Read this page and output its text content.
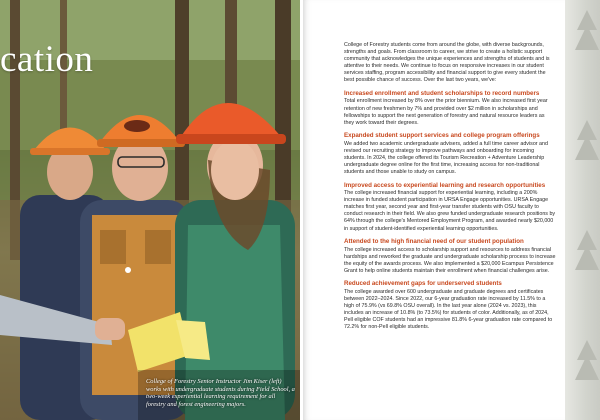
cation
College of Forestry Senior Instructor Jim Kiser (left) works with undergraduate students during Field School, a two-week experiential learning requirement for all forestry and forest engineering majors.

College of Forestry students come from around the globe, with diverse backgrounds, strengths and goals. From classroom to career, we strive to create a holistic support community that acknowledges the unique experiences and strengths of students and is attentive to their needs. We continue to focus on responsive increases in our student services staffing, program accessibility and financial support to give every student the best possible chance of success. Over the last two years, we've:

Increased enrollment and student scholarships to record numbers

Total enrollment increased by 8% over the prior biennium. We also increased first year retention of new freshmen by 7% and provided over $2 million in scholarships and fellowships to support the next generation of forestry and natural resource leaders as they work toward their degrees.

Expanded student support services and college program offerings

We added two academic undergraduate advisers, added a full time career advisor and revised our recruiting strategy to improve pathways and onboarding for incoming students. In 2024, the college offered its Tourism Recreation + Adventure Leadership undergraduate degree online for the first time, increasing access for non-traditional students and those unable to study on campus.

Improved access to experiential learning and research opportunities

The college increased financial support for experiential learning, including a 200% increase in funded student participation in URSA Engage opportunities. URSA Engage matches first year, second year and first-year transfer students with OSU faculty to conduct research in their field. We also grew funded undergraduate research positions by 64% through the college's Mentored Employment Program, and awarded nearly $20,000 in support of student-identified experiential learning opportunities.

Attended to the high financial need of our student population

The college increased access to scholarship support and resources to address financial hardships and reworked the graduate and undergraduate scholarship process to increase the equity of the awards process. We also implemented a $20,000 Ecampus Persistence Grant to help online students maintain their enrollment when financial challenges arise.

Reduced achievement gaps for underserved students

The college awarded over 600 undergraduate and graduate degrees and certificates between 2022–2024. Since 2022, our 6-year graduation rate increased by 11.5% to a high of 75.9% (vs 69.8% OSU overall). In the last year alone (2024 vs. 2023), this includes an increase of 10.8% (to 73.5%) for students of color. Additionally, as of 2024, Pell eligible COF students had an impressive 81.8% 6-year graduation rate compared to 72.2% for non-Pell eligible students.
